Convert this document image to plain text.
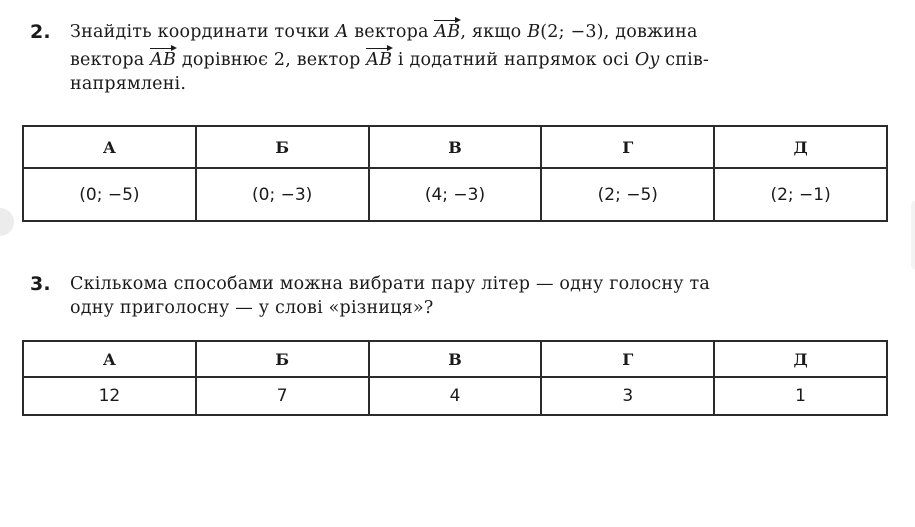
2. Знайдіть координати точки A вектора AB, якщо B(2; −3), довжина
вектора AB дорівнює 2, вектор AB і додатний напрямок осі Oy спів-
напрямлені.
А	Б	В	Г	Д
(0; −5)	(0; −3)	(4; −3)	(2; −5)	(2; −1)
3. Скількома способами можна вибрати пару літер — одну голосну та
одну приголосну — у слові «різниця»?
А	Б	В	Г	Д
12	7	4	3	1
